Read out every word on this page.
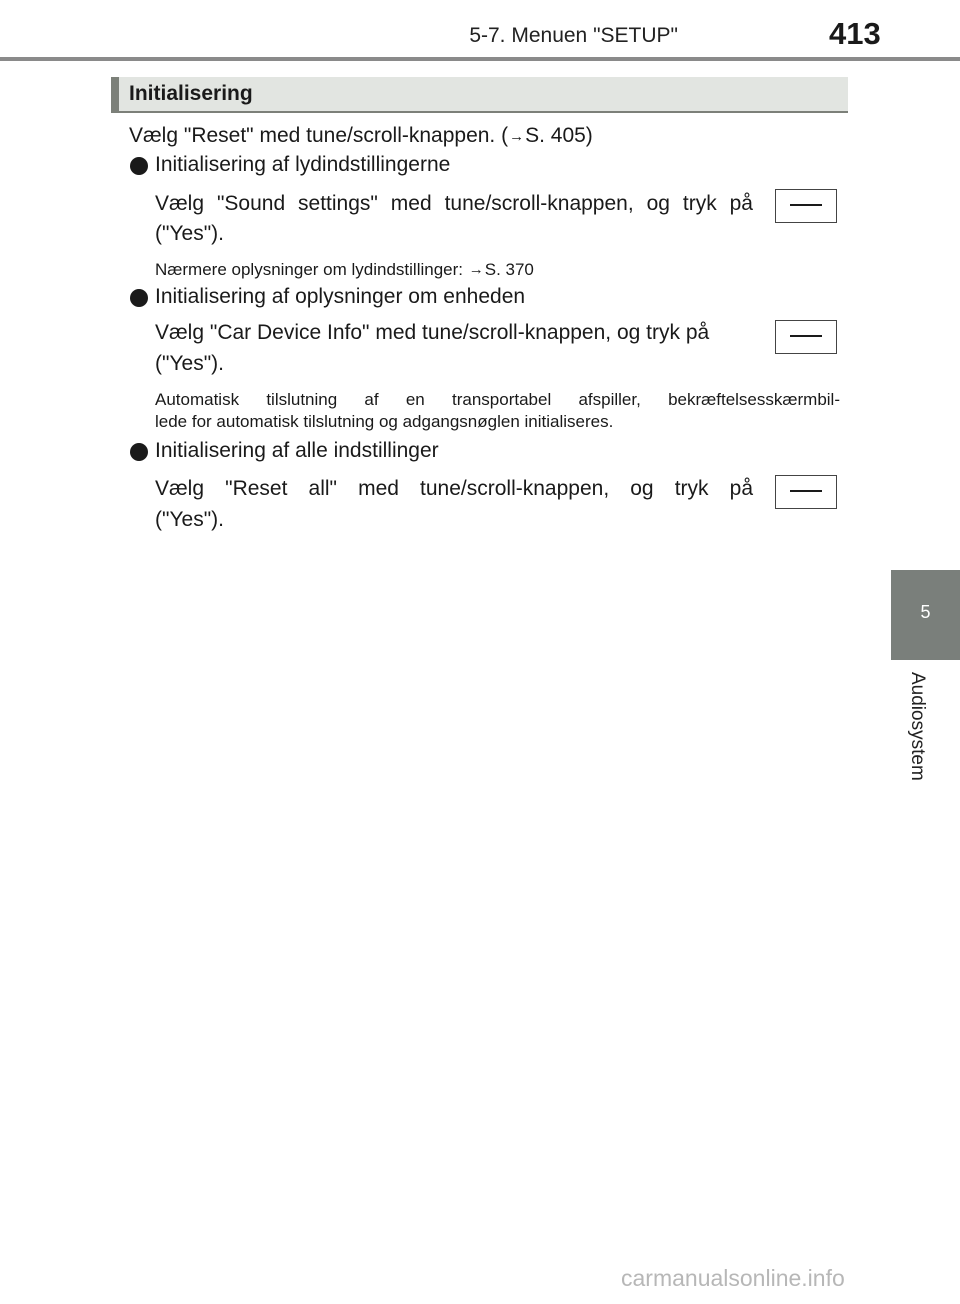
5-7. Menuen "SETUP"	413
5
Audiosystem
Initialisering
Vælg "Reset" med tune/scroll-knappen. (→S. 405)
Initialisering af lydindstillingerne
Vælg "Sound settings" med tune/scroll-knappen, og tryk på
("Yes").
Nærmere oplysninger om lydindstillinger: →S. 370
Initialisering af oplysninger om enheden
Vælg "Car Device Info" med tune/scroll-knappen, og tryk på
("Yes").
Automatisk tilslutning af en transportabel afspiller, bekræftelsesskærmbil-
lede for automatisk tilslutning og adgangsnøglen initialiseres.
Initialisering af alle indstillinger
Vælg "Reset all" med tune/scroll-knappen, og tryk på
("Yes").
carmanualsonline.info
